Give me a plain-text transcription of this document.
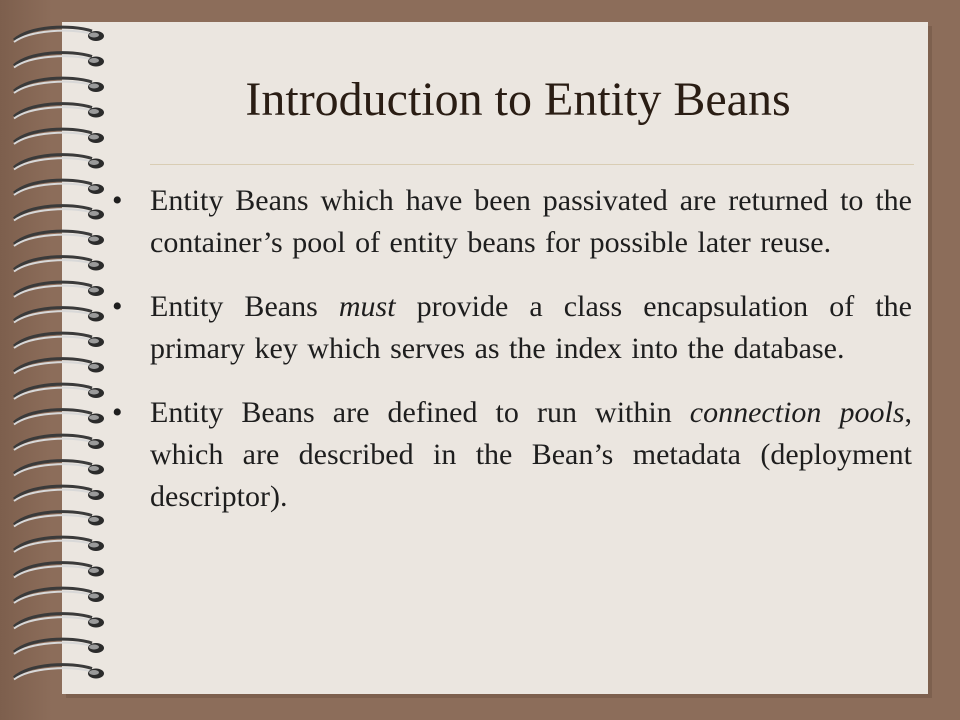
Introduction to Entity Beans
• Entity Beans which have been passivated are returned to the container’s pool of entity beans for possible later reuse.
• Entity Beans must provide a class encapsulation of the primary key which serves as the index into the database.
• Entity Beans are defined to run within connection pools, which are described in the Bean’s metadata (deployment descriptor).
